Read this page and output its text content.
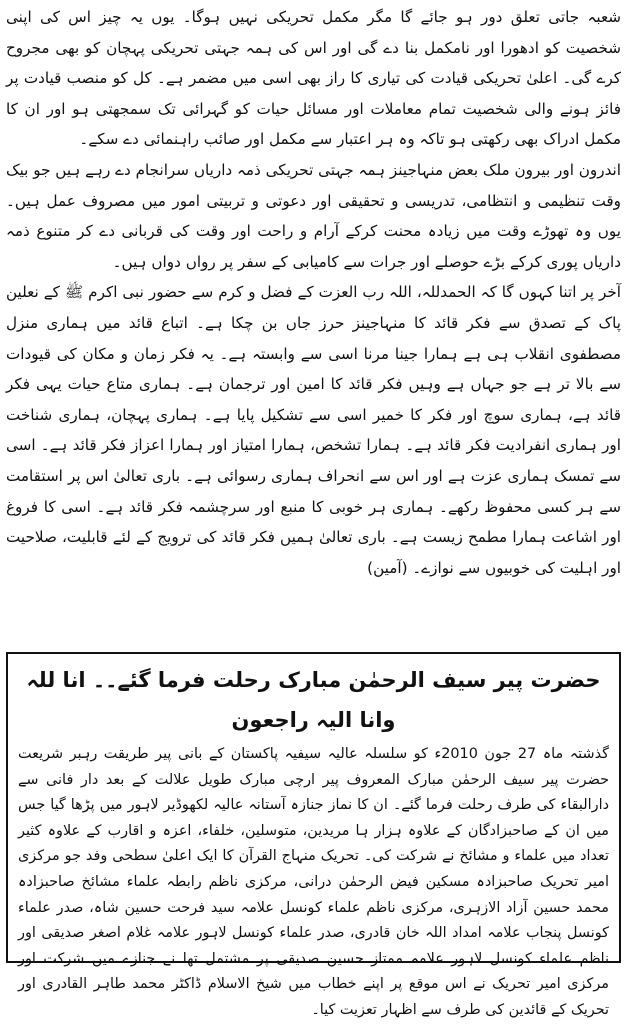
شعبہ جاتی تعلق دور ہو جائے گا مگر مکمل تحریکی نہیں ہوگا۔ یوں یہ چیز اس کی اپنی شخصیت کو ادھورا اور نامکمل بنا دے گی اور اس کی ہمہ جہتی تحریکی پہچان کو بھی مجروح کرے گی۔ اعلیٰ تحریکی قیادت کی تیاری کا راز بھی اسی میں مضمر ہے۔ کل کو منصب قیادت پر فائز ہونے والی شخصیت تمام معاملات اور مسائل حیات کو گہرائی تک سمجھتی ہو اور ان کا مکمل ادراک بھی رکھتی ہو تاکہ وہ ہر اعتبار سے مکمل اور صائب راہنمائی دے سکے۔

اندرون اور بیرون ملک بعض منہاجینز ہمہ جہتی تحریکی ذمہ داریاں سرانجام دے رہے ہیں جو بیک وقت تنظیمی و انتظامی، تدریسی و تحقیقی اور دعوتی و تربیتی امور میں مصروف عمل ہیں۔ یوں وہ تھوڑے وقت میں زیادہ محنت کرکے آرام و راحت اور وقت کی قربانی دے کر متنوع ذمہ داریاں پوری کرکے بڑے حوصلے اور جرات سے کامیابی کے سفر پر رواں دواں ہیں۔

آخر پر اتنا کہوں گا کہ الحمدللہ، اللہ رب العزت کے فضل و کرم سے حضور نبی اکرم ﷺ کے نعلین پاک کے تصدق سے فکر قائد کا منہاجینز حرز جاں بن چکا ہے۔ اتباع قائد میں ہماری منزل مصطفوی انقلاب ہی ہے ہمارا جینا مرنا اسی سے وابستہ ہے۔ یہ فکر زمان و مکان کی قیودات سے بالا تر ہے جو جہاں ہے وہیں فکر قائد کا امین اور ترجمان ہے۔ ہماری متاع حیات یہی فکر قائد ہے، ہماری سوچ اور فکر کا خمیر اسی سے تشکیل پایا ہے۔ ہماری پہچان، ہماری شناخت اور ہماری انفرادیت فکر قائد ہے۔ ہمارا تشخص، ہمارا امتیاز اور ہمارا اعزاز فکر قائد ہے۔ اسی سے تمسک ہماری عزت ہے اور اس سے انحراف ہماری رسوائی ہے۔ باری تعالیٰ اس پر استقامت سے ہر کسی محفوظ رکھے۔ ہماری ہر خوبی کا منبع اور سرچشمہ فکر قائد ہے۔ اسی کا فروغ اور اشاعت ہمارا مطمح زیست ہے۔ باری تعالیٰ ہمیں فکر قائد کی ترویج کے لئے قابلیت، صلاحیت اور اہلیت کی خوبیوں سے نوازے۔ (آمین)

حضرت پیر سیف الرحمٰن مبارک رحلت فرما گئے۔۔ انا للہ وانا الیہ راجعون
گذشتہ ماہ 27 جون 2010ء کو سلسلہ عالیہ سیفیہ پاکستان کے بانی پیر طریقت رہبر شریعت حضرت پیر سیف الرحمٰن مبارک المعروف پیر ارچی مبارک طویل علالت کے بعد دار فانی سے دارالبقاء کی طرف رحلت فرما گئے۔ ان کا نماز جنازہ آستانہ عالیہ لکھوڈیر لاہور میں پڑھا گیا جس میں ان کے صاحبزادگان کے علاوہ ہزار ہا مریدین، متوسلین، خلفاء، اعزہ و اقارب کے علاوہ کثیر تعداد میں علماء و مشائخ نے شرکت کی۔ تحریک منہاج القرآن کا ایک اعلیٰ سطحی وفد جو مرکزی امیر تحریک صاحبزادہ مسکین فیض الرحمٰن درانی، مرکزی ناظم رابطہ علماء مشائخ صاحبزادہ محمد حسین آزاد الازہری، مرکزی ناظم علماء کونسل علامہ سید فرحت حسین شاہ، صدر علماء کونسل پنجاب علامہ امداد اللہ خان قادری، صدر علماء کونسل لاہور علامہ غلام اصغر صدیقی اور ناظم علماء کونسل لاہور علامہ ممتاز حسین صدیقی پر مشتمل تھا نے جنازے میں شرکت اور مرکزی امیر تحریک نے اس موقع پر اپنے خطاب میں شیخ الاسلام ڈاکٹر محمد طاہر القادری اور تحریک کے قائدین کی طرف سے اظہار تعزیت کیا۔
